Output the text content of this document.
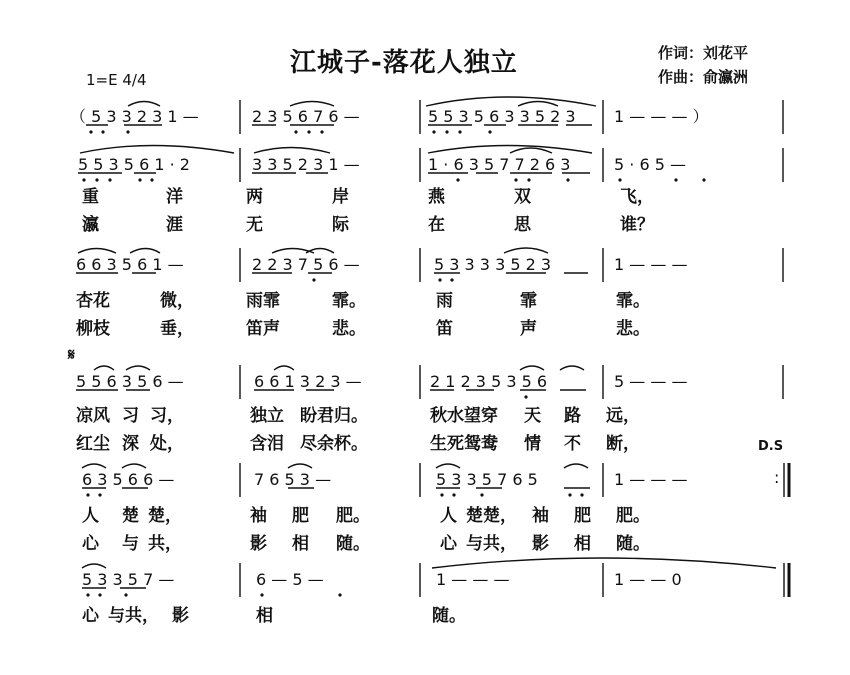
江城子-落花人独立	作词：刘花平
作曲：俞瀛洲
1=E 4/4
𝄋
D.S
:
（ 5 3 3 2 3 1 —	2 3 5 6 7 6 —	5 5 3 5 6 3 3 5 2 3 1 — — — ）
5 5 3 5 6 1 · 2	3 3 5 2 3 1 —	1 · 6 3 5 7 7 2 6 3	5 · 6 5 —
重	洋	两	岸	燕	双	飞，
瀛	涯	无	际	在	思	谁？
6 6 3 5 6 1 —	2 2 3 7 5 6 —	5 3 3 3 3 5 2 3	1 — — —
杏花	微，	雨霏	霏。	雨	霏	霏。
柳枝	垂，	笛声	悲。	笛	声	悲。
5 5 6 3 5 6 —	6 6 1 3 2 3 —	2 1 2 3 5 3 5 6	5 — — —
凉风 习 习，	独立 盼君归。	秋水望穿 天 路 远，
红尘 深 处，	含泪 尽余杯。	生死鸳鸯 情 不 断，
6 3 5 6 6 —	7 6 5 3 —	5 3 3 5 7 6 5	1 — — —
人 楚 楚，	袖 肥 肥。	人 楚楚， 袖 肥 肥。
心 与 共，	影 相 随。	心 与共， 影 相 随。
5 3 3 5 7 —	6 — 5 —	1 — — —	1 — — 0
心 与共， 影	相	随。
